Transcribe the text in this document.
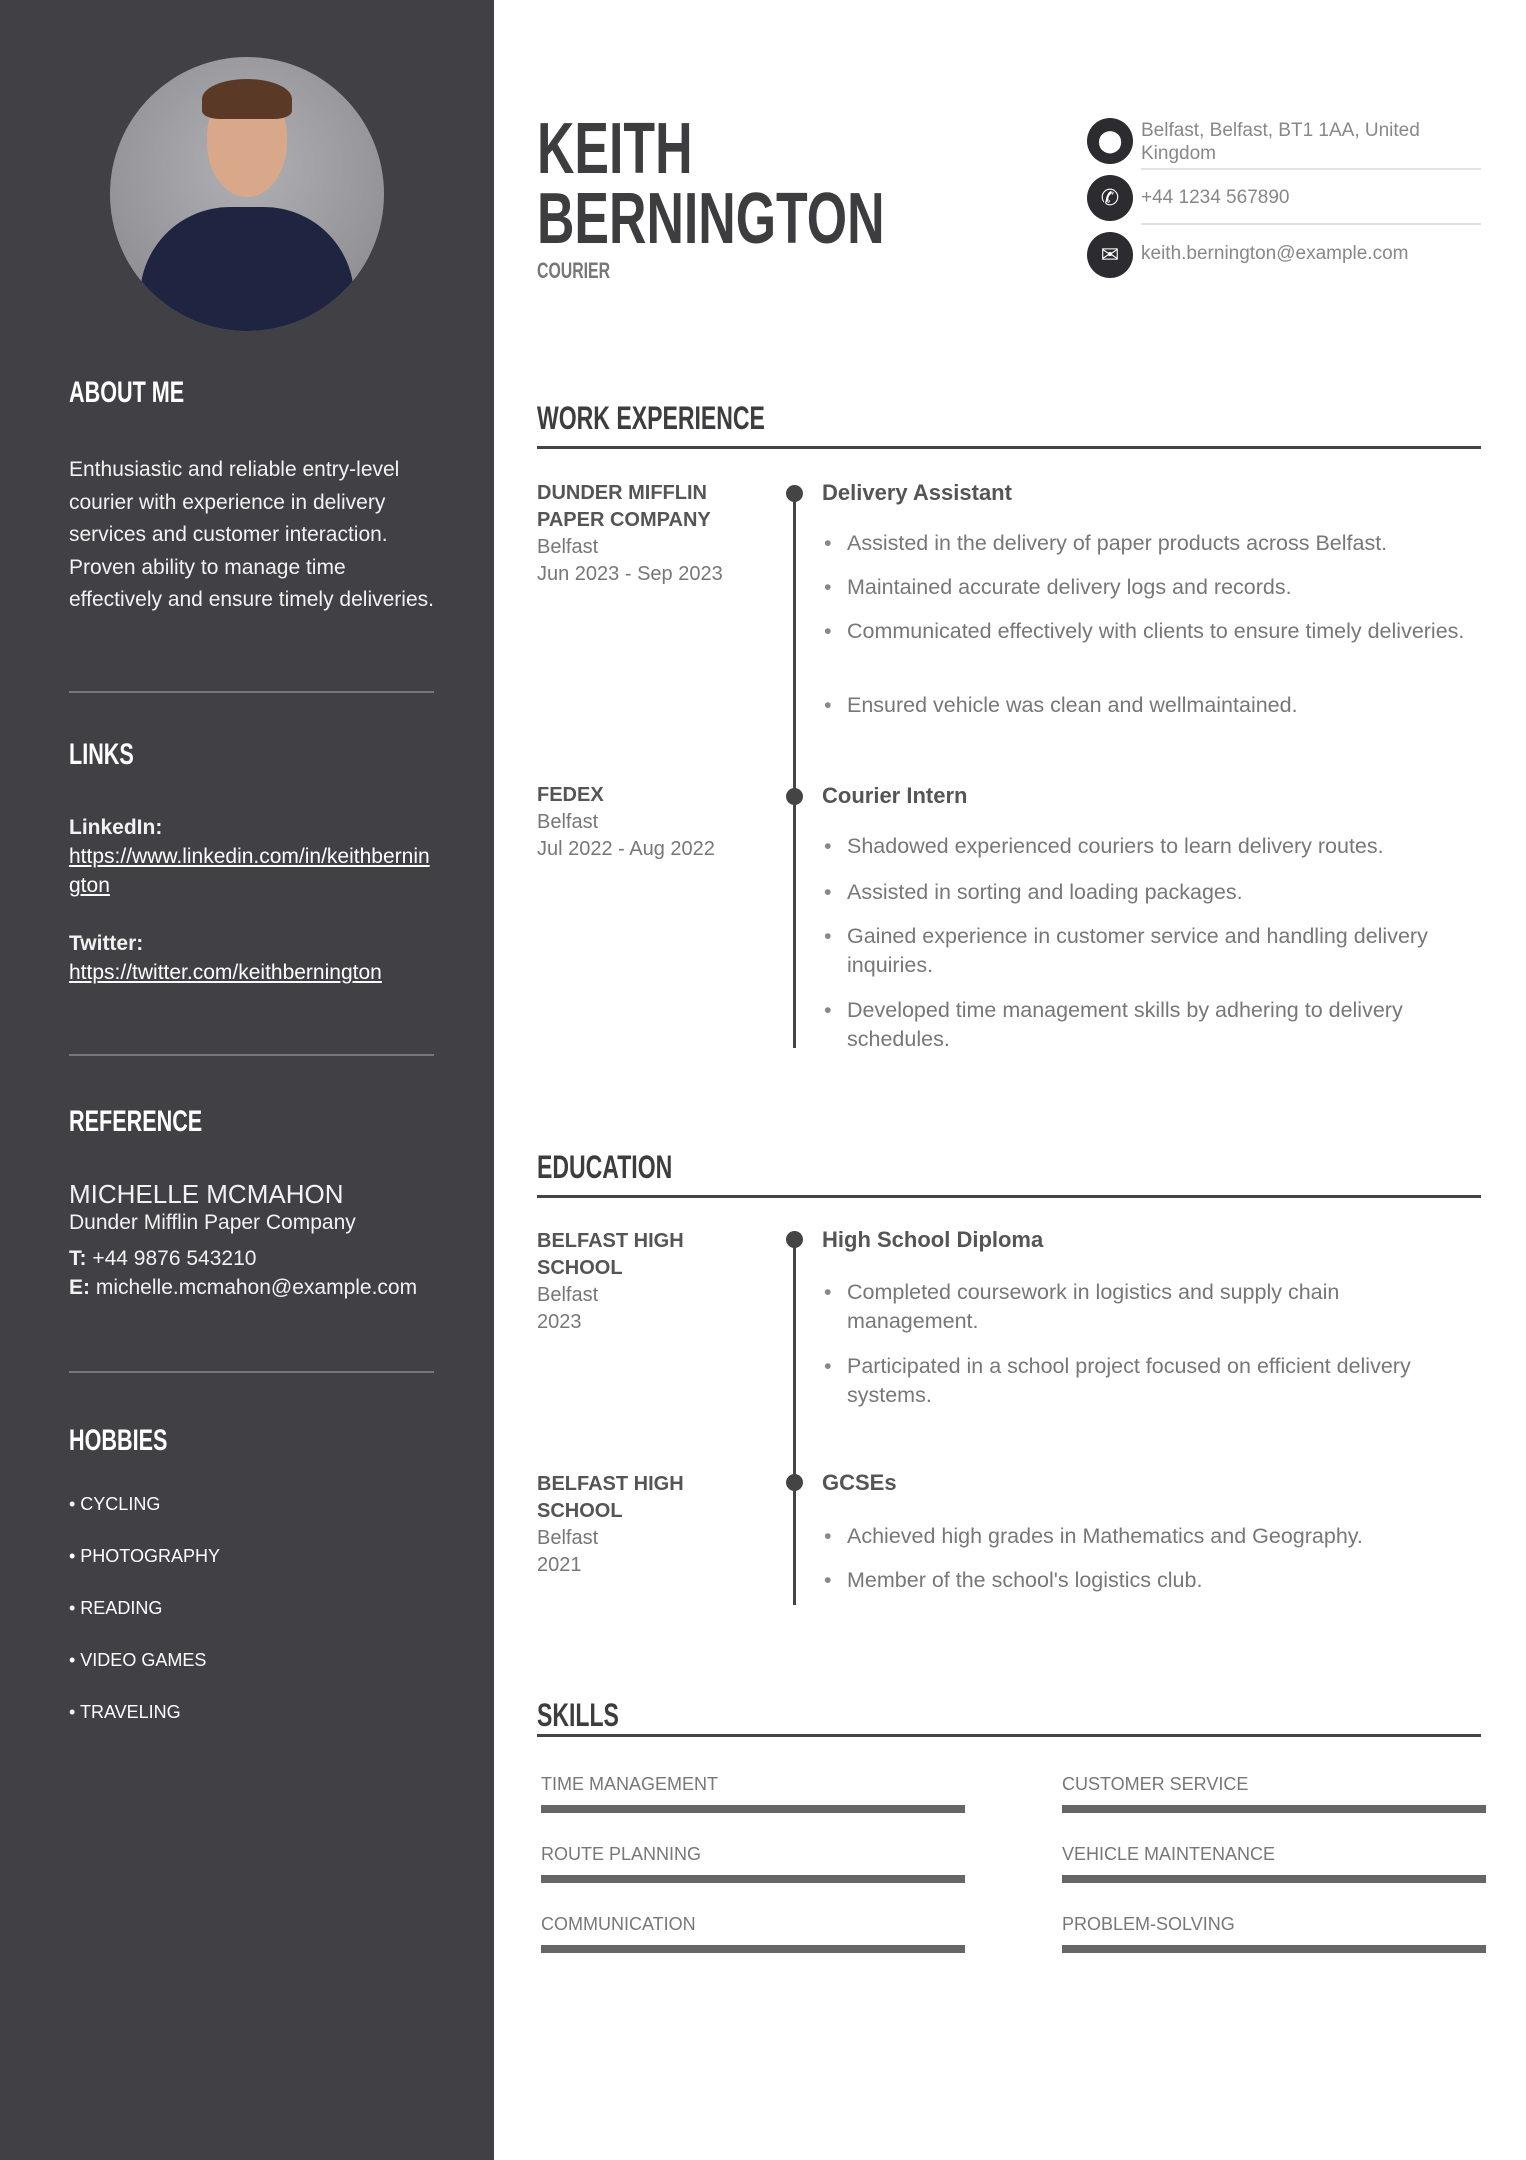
ABOUT ME
Enthusiastic and reliable entry-level courier with experience in delivery services and customer interaction. Proven ability to manage time effectively and ensure timely deliveries.
LINKS
LinkedIn:
https://www.linkedin.com/in/keithbernington
Twitter:
https://twitter.com/keithbernington
REFERENCE
MICHELLE MCMAHON
Dunder Mifflin Paper Company
T: +44 9876 543210
E: michelle.mcmahon@example.com
HOBBIES
• CYCLING
• PHOTOGRAPHY
• READING
• VIDEO GAMES
• TRAVELING
KEITH
BERNINGTON
COURIER
⬤ Belfast, Belfast, BT1 1AA, United Kingdom
✆	+44 1234 567890
✉	keith.bernington@example.com
WORK EXPERIENCE
DUNDER MIFFLIN PAPER COMPANY
Belfast
Jun 2023 - Sep 2023
Delivery Assistant
• Assisted in the delivery of paper products across Belfast.
• Maintained accurate delivery logs and records.
• Communicated effectively with clients to ensure timely deliveries.
• Ensured vehicle was clean and wellmaintained.
FEDEX
Belfast
Jul 2022 - Aug 2022
Courier Intern
• Shadowed experienced couriers to learn delivery routes.
• Assisted in sorting and loading packages.
• Gained experience in customer service and handling delivery inquiries.
• Developed time management skills by adhering to delivery schedules.
EDUCATION
BELFAST HIGH SCHOOL
Belfast
2023
High School Diploma
• Completed coursework in logistics and supply chain management.
• Participated in a school project focused on efficient delivery systems.
BELFAST HIGH SCHOOL
Belfast
2021
GCSEs
• Achieved high grades in Mathematics and Geography.
• Member of the school's logistics club.
SKILLS
TIME MANAGEMENT	CUSTOMER SERVICE
ROUTE PLANNING	VEHICLE MAINTENANCE
COMMUNICATION	PROBLEM-SOLVING
